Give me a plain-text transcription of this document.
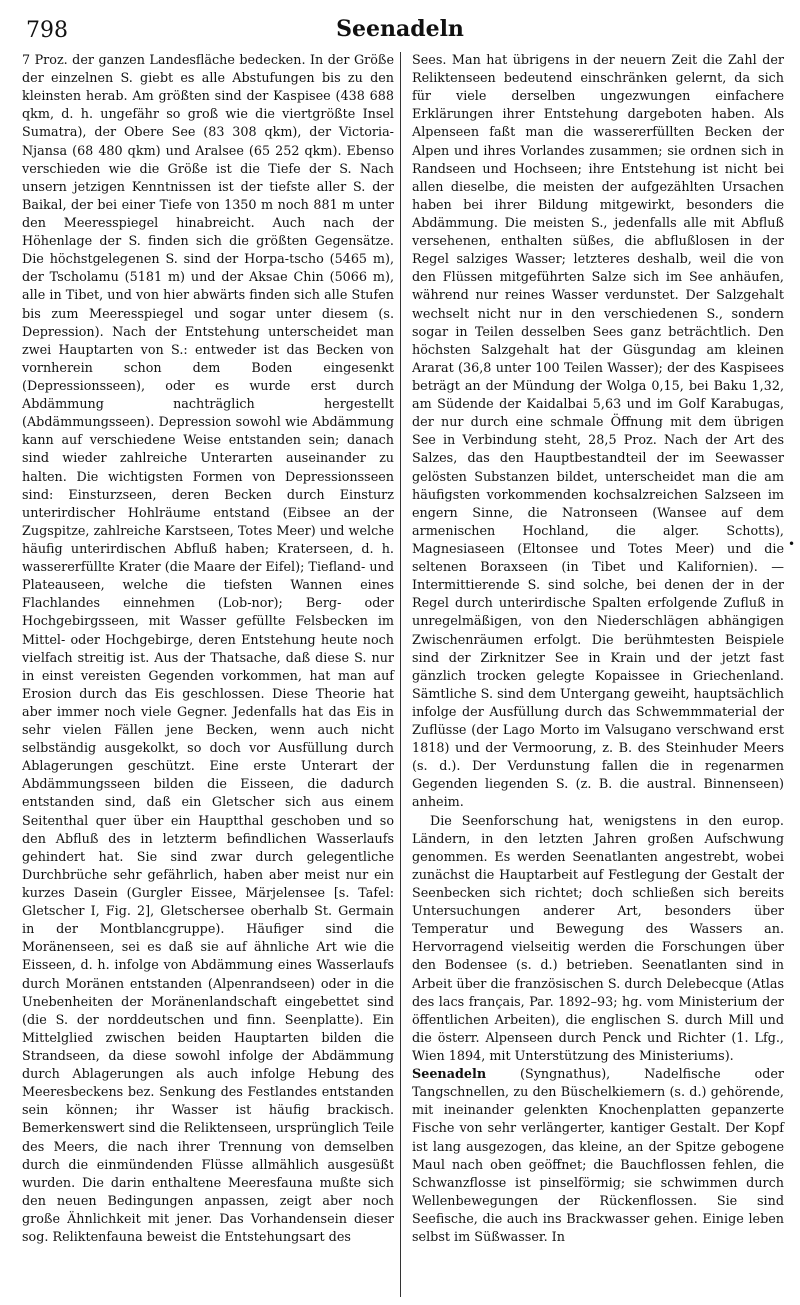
798	Seenadeln

7 Proz. der ganzen Landesfläche bedecken. In der Größe der einzelnen S. giebt es alle Abstufungen bis zu den kleinsten herab. Am größten sind der Kaspisee (438 688 qkm, d. h. ungefähr so groß wie die viertgrößte Insel Sumatra), der Obere See (83 308 qkm), der Victoria-Njansa (68 480 qkm) und Aralsee (65 252 qkm). Ebenso verschieden wie die Größe ist die Tiefe der S. Nach unsern jetzigen Kenntnissen ist der tiefste aller S. der Baikal, der bei einer Tiefe von 1350 m noch 881 m unter den Meeresspiegel hinabreicht. Auch nach der Höhenlage der S. finden sich die größten Gegensätze. Die höchstgelegenen S. sind der Horpa-tscho (5465 m), der Tscholamu (5181 m) und der Aksae Chin (5066 m), alle in Tibet, und von hier abwärts finden sich alle Stufen bis zum Meeresspiegel und sogar unter diesem (s. Depression). Nach der Entstehung unterscheidet man zwei Hauptarten von S.: entweder ist das Becken von vornherein schon dem Boden eingesenkt (Depressionsseen), oder es wurde erst durch Abdämmung nachträglich hergestellt (Abdämmungsseen). Depression sowohl wie Abdämmung kann auf verschiedene Weise entstanden sein; danach sind wieder zahlreiche Unterarten auseinander zu halten. Die wichtigsten Formen von Depressionsseen sind: Einsturzseen, deren Becken durch Einsturz unterirdischer Hohlräume entstand (Eibsee an der Zugspitze, zahlreiche Karstseen, Totes Meer) und welche häufig unterirdischen Abfluß haben; Kraterseen, d. h. wassererfüllte Krater (die Maare der Eifel); Tiefland- und Plateauseen, welche die tiefsten Wannen eines Flachlandes einnehmen (Lob-nor); Berg- oder Hochgebirgsseen, mit Wasser gefüllte Felsbecken im Mittel- oder Hochgebirge, deren Entstehung heute noch vielfach streitig ist. Aus der Thatsache, daß diese S. nur in einst vereisten Gegenden vorkommen, hat man auf Erosion durch das Eis geschlossen. Diese Theorie hat aber immer noch viele Gegner. Jedenfalls hat das Eis in sehr vielen Fällen jene Becken, wenn auch nicht selbständig ausgekolkt, so doch vor Ausfüllung durch Ablagerungen geschützt. Eine erste Unterart der Abdämmungsseen bilden die Eisseen, die dadurch entstanden sind, daß ein Gletscher sich aus einem Seitenthal quer über ein Hauptthal geschoben und so den Abfluß des in letzterm befindlichen Wasserlaufs gehindert hat. Sie sind zwar durch gelegentliche Durchbrüche sehr gefährlich, haben aber meist nur ein kurzes Dasein (Gurgler Eissee, Märjelensee [s. Tafel: Gletscher I, Fig. 2], Gletschersee oberhalb St. Germain in der Montblancgruppe). Häufiger sind die Moränenseen, sei es daß sie auf ähnliche Art wie die Eisseen, d. h. infolge von Abdämmung eines Wasserlaufs durch Moränen entstanden (Alpenrandseen) oder in die Unebenheiten der Moränenlandschaft eingebettet sind (die S. der norddeutschen und finn. Seenplatte). Ein Mittelglied zwischen beiden Hauptarten bilden die Strandseen, da diese sowohl infolge der Abdämmung durch Ablagerungen als auch infolge Hebung des Meeresbeckens bez. Senkung des Festlandes entstanden sein können; ihr Wasser ist häufig brackisch. Bemerkenswert sind die Reliktenseen, ursprünglich Teile des Meers, die nach ihrer Trennung von demselben durch die einmündenden Flüsse allmählich ausgesüßt wurden. Die darin enthaltene Meeresfauna mußte sich den neuen Bedingungen anpassen, zeigt aber noch große Ähnlichkeit mit jener. Das Vorhandensein dieser sog. Reliktenfauna beweist die Entstehungsart des

Sees. Man hat übrigens in der neuern Zeit die Zahl der Reliktenseen bedeutend einschränken gelernt, da sich für viele derselben ungezwungen einfachere Erklärungen ihrer Entstehung dargeboten haben. Als Alpenseen faßt man die wassererfüllten Becken der Alpen und ihres Vorlandes zusammen; sie ordnen sich in Randseen und Hochseen; ihre Entstehung ist nicht bei allen dieselbe, die meisten der aufgezählten Ursachen haben bei ihrer Bildung mitgewirkt, besonders die Abdämmung. Die meisten S., jedenfalls alle mit Abfluß versehenen, enthalten süßes, die abflußlosen in der Regel salziges Wasser; letzteres deshalb, weil die von den Flüssen mitgeführten Salze sich im See anhäufen, während nur reines Wasser verdunstet. Der Salzgehalt wechselt nicht nur in den verschiedenen S., sondern sogar in Teilen desselben Sees ganz beträchtlich. Den höchsten Salzgehalt hat der Güsgundag am kleinen Ararat (36,8 unter 100 Teilen Wasser); der des Kaspisees beträgt an der Mündung der Wolga 0,15, bei Baku 1,32, am Südende der Kaidalbai 5,63 und im Golf Karabugas, der nur durch eine schmale Öffnung mit dem übrigen See in Verbindung steht, 28,5 Proz. Nach der Art des Salzes, das den Hauptbestandteil der im Seewasser gelösten Substanzen bildet, unterscheidet man die am häufigsten vorkommenden kochsalzreichen Salzseen im engern Sinne, die Natronseen (Wansee auf dem armenischen Hochland, die alger. Schotts), Magnesiaseen (Eltonsee und Totes Meer) und die seltenen Boraxseen (in Tibet und Kalifornien). — Intermittierende S. sind solche, bei denen der in der Regel durch unterirdische Spalten erfolgende Zufluß in unregelmäßigen, von den Niederschlägen abhängigen Zwischenräumen erfolgt. Die berühmtesten Beispiele sind der Zirknitzer See in Krain und der jetzt fast gänzlich trocken gelegte Kopaissee in Griechenland. Sämtliche S. sind dem Untergang geweiht, hauptsächlich infolge der Ausfüllung durch das Schwemmmaterial der Zuflüsse (der Lago Morto im Valsugano verschwand erst 1818) und der Vermoorung, z. B. des Steinhuder Meers (s. d.). Der Verdunstung fallen die in regenarmen Gegenden liegenden S. (z. B. die austral. Binnenseen) anheim.

Die Seenforschung hat, wenigstens in den europ. Ländern, in den letzten Jahren großen Aufschwung genommen. Es werden Seenatlanten angestrebt, wobei zunächst die Hauptarbeit auf Festlegung der Gestalt der Seenbecken sich richtet; doch schließen sich bereits Untersuchungen anderer Art, besonders über Temperatur und Bewegung des Wassers an. Hervorragend vielseitig werden die Forschungen über den Bodensee (s. d.) betrieben. Seenatlanten sind in Arbeit über die französischen S. durch Delebecque (Atlas des lacs français, Par. 1892–93; hg. vom Ministerium der öffentlichen Arbeiten), die englischen S. durch Mill und die österr. Alpenseen durch Penck und Richter (1. Lfg., Wien 1894, mit Unterstützung des Ministeriums).

Seenadeln (Syngnathus), Nadelfische oder Tangschnellen, zu den Büschelkiemern (s. d.) gehörende, mit ineinander gelenkten Knochenplatten gepanzerte Fische von sehr verlängerter, kantiger Gestalt. Der Kopf ist lang ausgezogen, das kleine, an der Spitze gebogene Maul nach oben geöffnet; die Bauchflossen fehlen, die Schwanzflosse ist pinselförmig; sie schwimmen durch Wellenbewegungen der Rückenflossen. Sie sind Seefische, die auch ins Brackwasser gehen. Einige leben selbst im Süßwasser. In

•
